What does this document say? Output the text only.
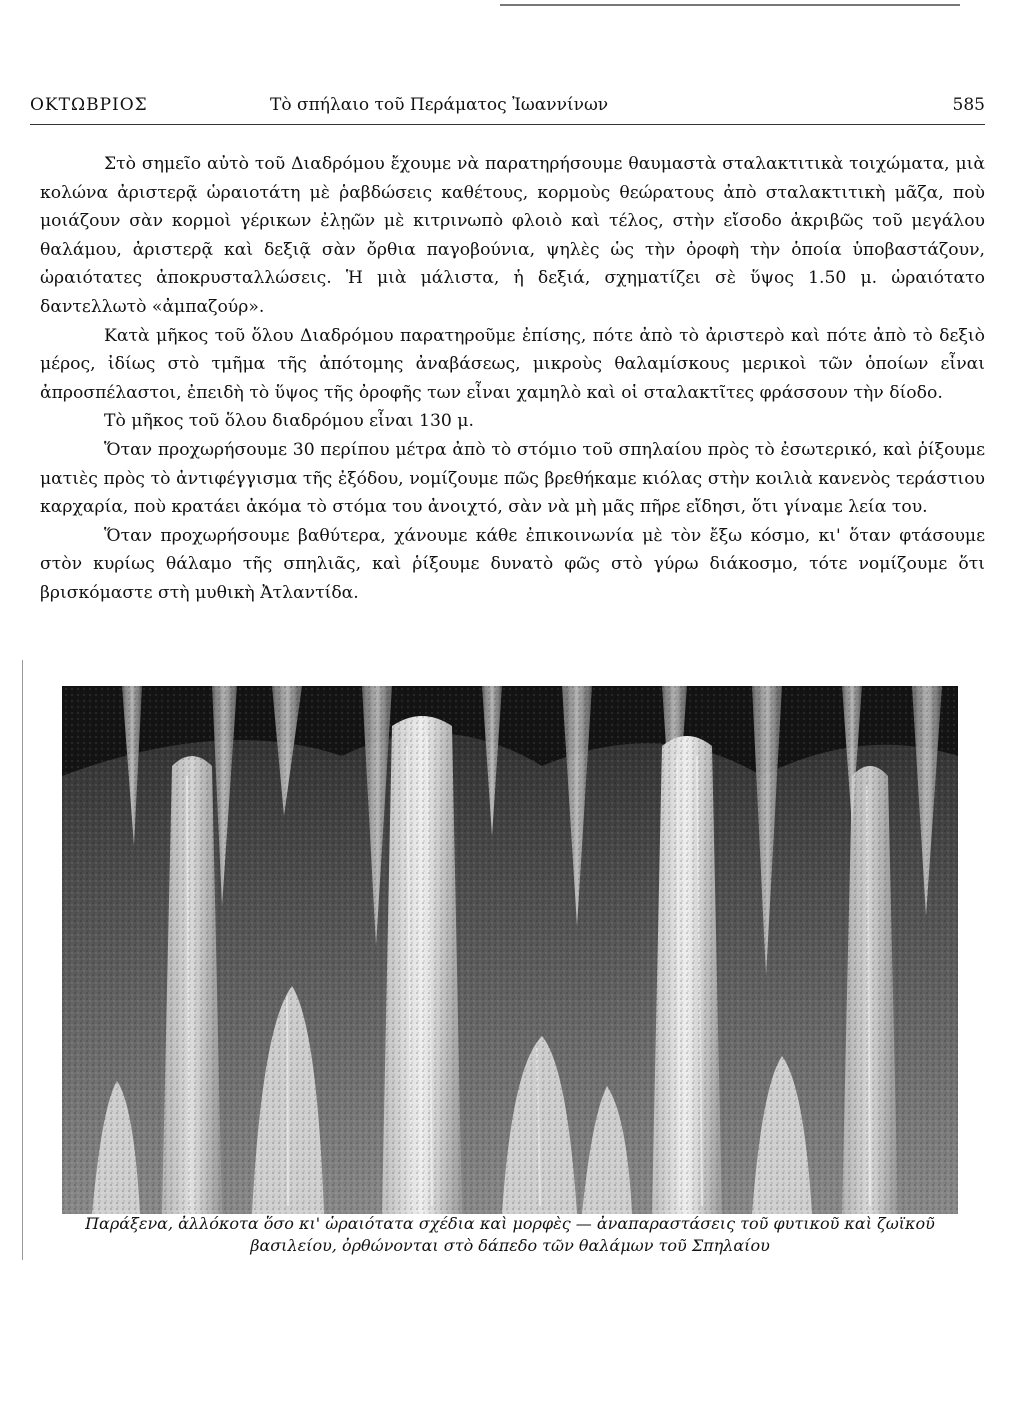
ΟΚΤΩΒΡΙΟΣ	Τὸ σπήλαιο τοῦ Περάματος Ἰωαννίνων	585

Στὸ σημεῖο αὐτὸ τοῦ Διαδρόμου ἔχουμε νὰ παρατηρήσουμε θαυμαστὰ σταλακτιτικὰ τοιχώματα, μιὰ κολώνα ἀριστερᾷ ὡραιοτάτη μὲ ῥαβδώσεις καθέτους, κορμοὺς θεώρατους ἀπὸ σταλακτιτικὴ μᾶζα, ποὺ μοιάζουν σὰν κορμοὶ γέρικων ἐλῃῶν μὲ κιτρινωπὸ φλοιὸ καὶ τέλος, στὴν εἴσοδο ἀκριβῶς τοῦ μεγάλου θαλάμου, ἀριστερᾷ καὶ δεξιᾷ σὰν ὄρθια παγοβούνια, ψηλὲς ὡς τὴν ὀροφὴ τὴν ὁποία ὑποβαστάζουν, ὡραιότατες ἀποκρυσταλλώσεις. Ἡ μιὰ μάλιστα, ἡ δεξιά, σχηματίζει σὲ ὕψος 1.50 μ. ὡραιότατο δαντελλωτὸ «ἀμπαζούρ».

Κατὰ μῆκος τοῦ ὅλου Διαδρόμου παρατηροῦμε ἐπίσης, πότε ἀπὸ τὸ ἀριστερὸ καὶ πότε ἀπὸ τὸ δεξιὸ μέρος, ἰδίως στὸ τμῆμα τῆς ἀπότομης ἀναβάσεως, μικροὺς θαλαμίσκους μερικοὶ τῶν ὁποίων εἶναι ἀπροσπέλαστοι, ἐπειδὴ τὸ ὕψος τῆς ὀροφῆς των εἶναι χαμηλὸ καὶ οἱ σταλακτῖτες φράσσουν τὴν δίοδο.

Τὸ μῆκος τοῦ ὅλου διαδρόμου εἶναι 130 μ.

Ὅταν προχωρήσουμε 30 περίπου μέτρα ἀπὸ τὸ στόμιο τοῦ σπηλαίου πρὸς τὸ ἐσωτερικό, καὶ ῥίξουμε ματιὲς πρὸς τὸ ἀντιφέγγισμα τῆς ἐξόδου, νομίζουμε πῶς βρεθήκαμε κιόλας στὴν κοιλιὰ κανενὸς τεράστιου καρχαρία, ποὺ κρατάει ἀκόμα τὸ στόμα του ἀνοιχτό, σὰν νὰ μὴ μᾶς πῆρε εἴδησι, ὅτι γίναμε λεία του.

Ὅταν προχωρήσουμε βαθύτερα, χάνουμε κάθε ἐπικοινωνία μὲ τὸν ἔξω κόσμο, κι' ὅταν φτάσουμε στὸν κυρίως θάλαμο τῆς σπηλιᾶς, καὶ ῥίξουμε δυνατὸ φῶς στὸ γύρω διάκοσμο, τότε νομίζουμε ὅτι βρισκόμαστε στὴ μυθικὴ Ἀτλαντίδα.

Παράξενα, ἀλλόκοτα ὅσο κι' ὡραιότατα σχέδια καὶ μορφὲς — ἀναπαραστάσεις τοῦ φυτικοῦ καὶ ζωϊκοῦ βασιλείου, ὀρθώνονται στὸ δάπεδο τῶν θαλάμων τοῦ Σπηλαίου
